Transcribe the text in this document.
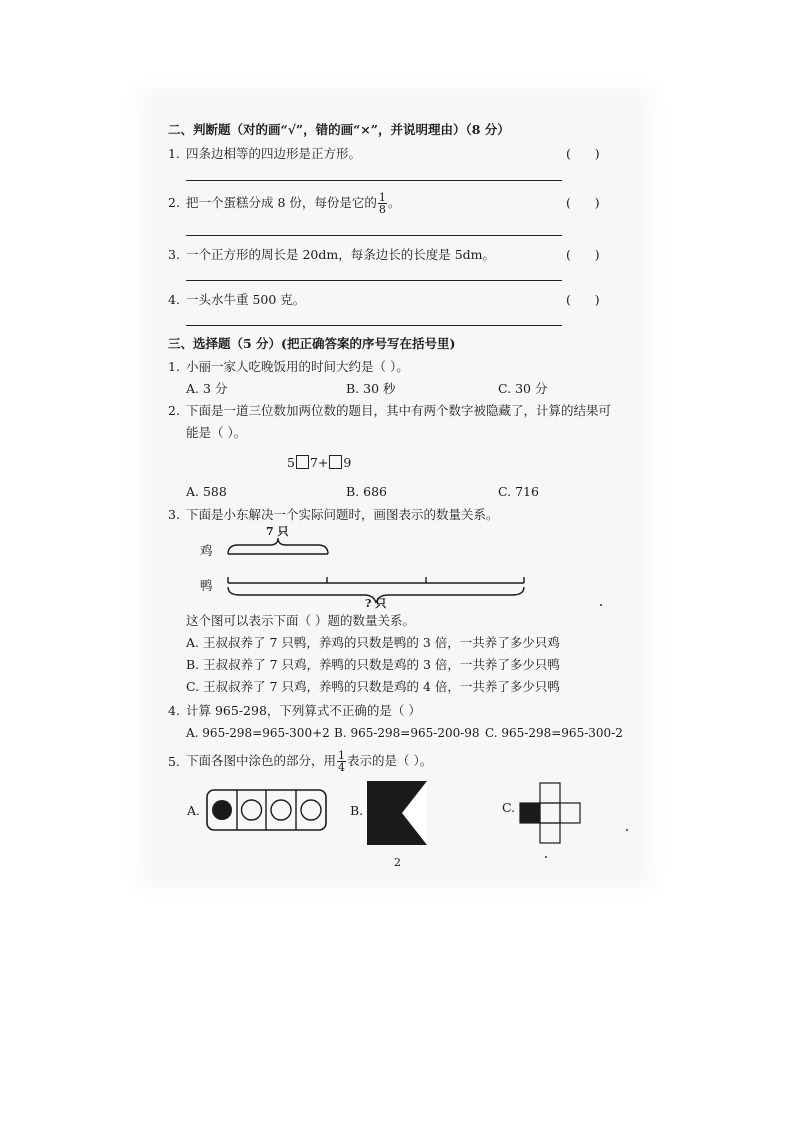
二、判断题（对的画“√”，错的画“×”，并说明理由）（8 分）
1. 四条边相等的四边形是正方形。	(      )
2. 把一个蛋糕分成 8 份，每份是它的 $\frac{1}{8}$ 。	(      )
3. 一个正方形的周长是 20dm，每条边长的长度是 5dm。	(      )
4. 一头水牛重 500 克。	(      )
三、选择题（5 分）(把正确答案的序号写在括号里)
1. 小丽一家人吃晚饭用的时间大约是（ ）。
A. 3 分	B. 30 秒	C. 30 分
2. 下面是一道三位数加两位数的题目，其中有两个数字被隐藏了，计算的结果可
能是（ ）。
5 7+ 9
A. 588	B. 686	C. 716
3. 下面是小东解决一个实际问题时，画图表示的数量关系。
鸡
鸭
7 只
? 只
这个图可以表示下面（ ）题的数量关系。
A. 王叔叔养了 7 只鸭，养鸡的只数是鸭的 3 倍，一共养了多少只鸡
B. 王叔叔养了 7 只鸡，养鸭的只数是鸡的 3 倍，一共养了多少只鸭
C. 王叔叔养了 7 只鸡，养鸭的只数是鸡的 4 倍，一共养了多少只鸭
4. 计算 965-298，下列算式不正确的是（ ）
A. 965-298=965-300+2 B. 965-298=965-200-98 C. 965-298=965-300-2
5. 下面各图中涂色的部分，用 $\frac{1}{4}$ 表示的是（ ）。
A.	B.	C.
2
